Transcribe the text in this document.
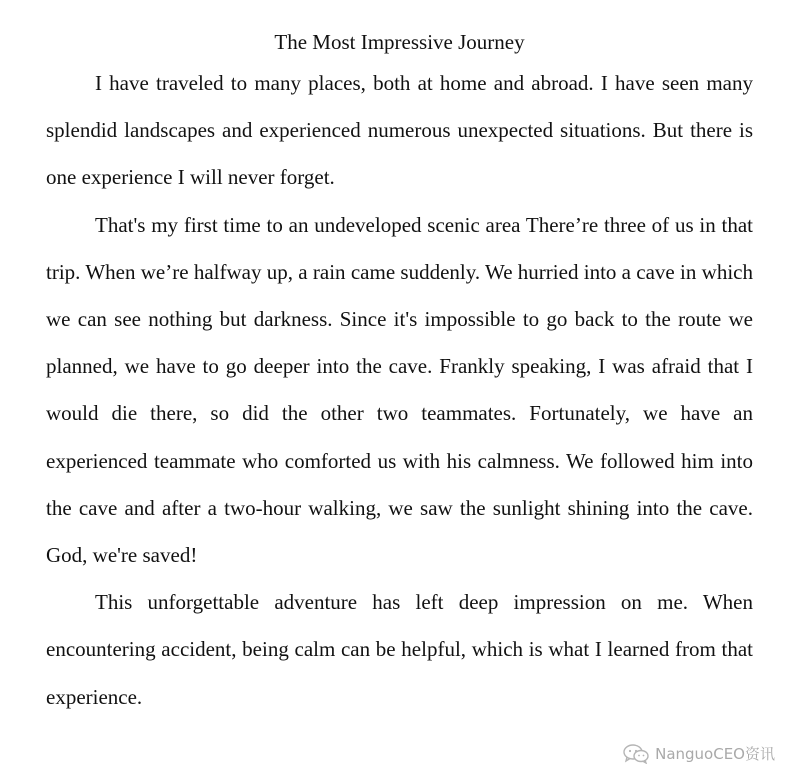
The Most Impressive Journey

I have traveled to many places, both at home and abroad. I have seen many splendid landscapes and experienced numerous unexpected situations. But there is one experience I will never forget.

That's my first time to an undeveloped scenic area There’re three of us in that trip. When we’re halfway up, a rain came suddenly. We hurried into a cave in which we can see nothing but darkness. Since it's impossible to go back to the route we planned, we have to go deeper into the cave. Frankly speaking, I was afraid that I would die there, so did the other two teammates. Fortunately, we have an experienced teammate who comforted us with his calmness. We followed him into the cave and after a two-hour walking, we saw the sunlight shining into the cave. God, we're saved!

This unforgettable adventure has left deep impression on me. When encountering accident, being calm can be helpful, which is what I learned from that experience.

NanguoCEO资讯
